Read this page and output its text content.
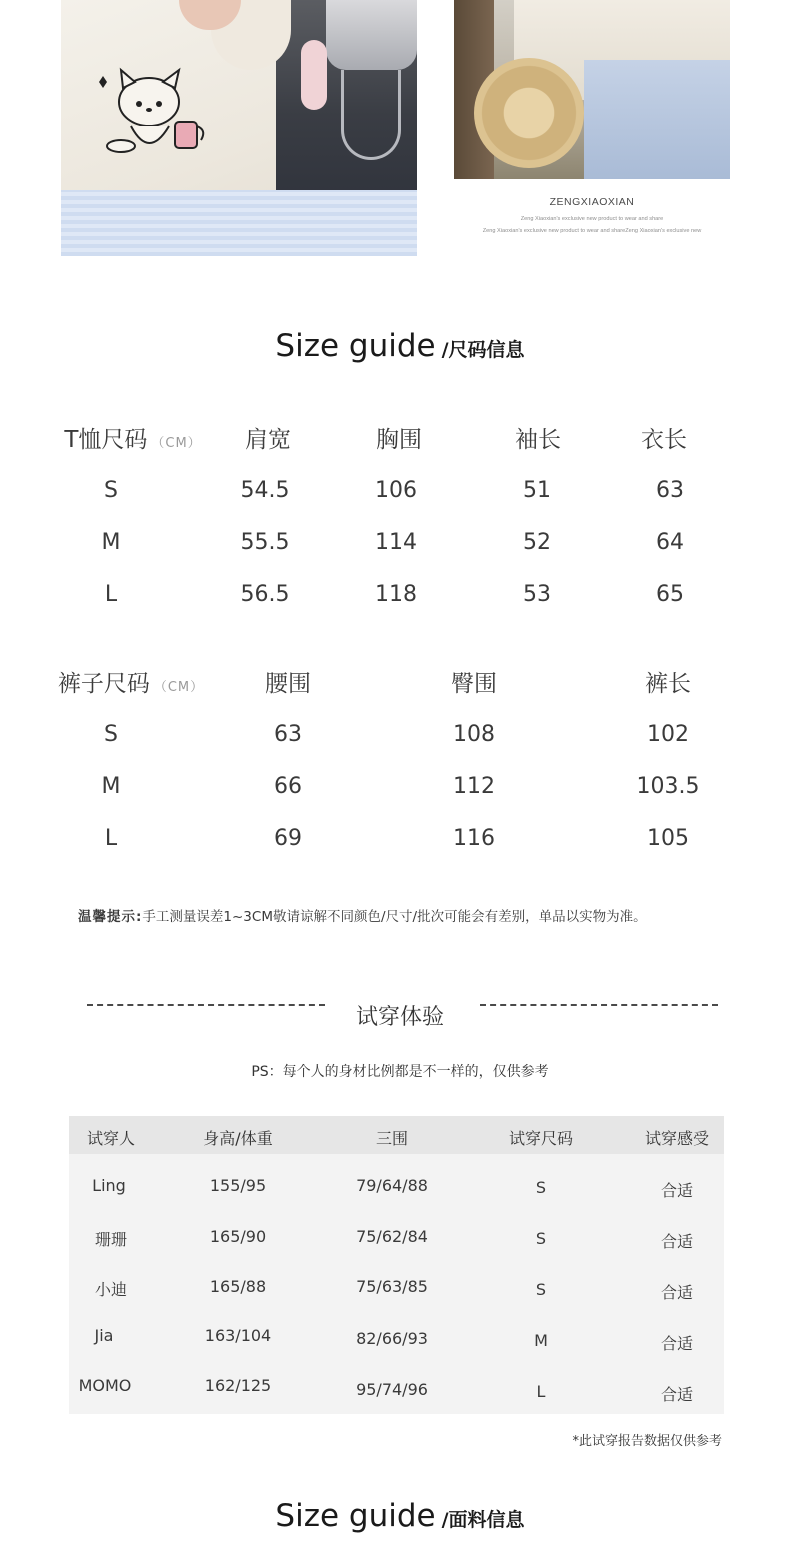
ZENGXIAOXIAN
Zeng Xiaoxian's exclusive new product to wear and share
Zeng Xiaoxian's exclusive new product to wear and shareZeng Xiaoxian's exclusive new
Size guide /尺码信息
T恤尺码 （CM） 肩宽	胸围	袖长	衣长
S	54.5	106	51	63
M	55.5	114	52	64
L	56.5	118	53	65
裤子尺码 （CM）	腰围	臀围	裤长
S	63	108	102
M	66	112	103.5
L	69	116	105
温馨提示:手工测量误差1~3CM敬请谅解不同颜色/尺寸/批次可能会有差别，单品以实物为准。
试穿体验
PS：每个人的身材比例都是不一样的，仅供参考
试穿人	身高/体重	三围	试穿尺码	试穿感受
Ling	155/95	79/64/88	S	合适
珊珊	165/90	75/62/84	S	合适
小迪	165/88	75/63/85	S	合适
Jia	163/104	82/66/93	M	合适
MOMO	162/125	95/74/96	L	合适
*此试穿报告数据仅供参考
Size guide /面料信息
